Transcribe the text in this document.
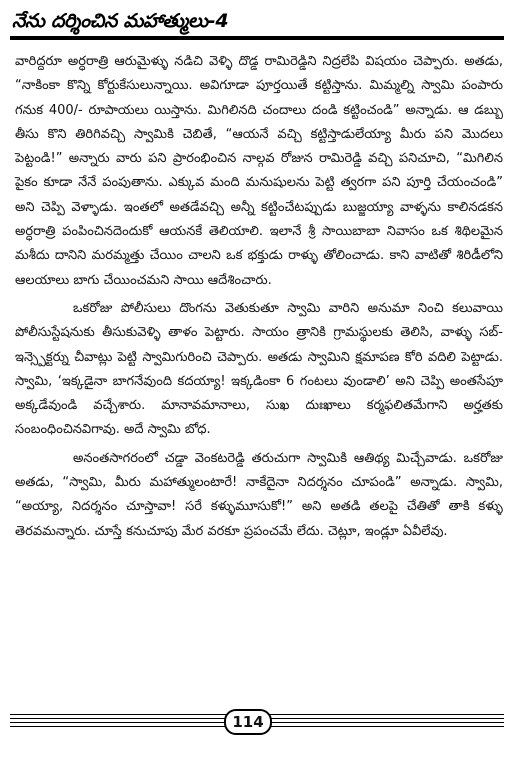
నేను దర్శించిన మహాత్ములు-4

వారిద్దరూ అర్ధరాత్రి ఆరుమైళ్ళు నడిచి వెళ్ళి దొడ్డ రామిరెడ్డిని నిద్రలేపి విషయం చెప్పారు. అతడు, “నాకింకా కొన్ని కోర్టుకేసులున్నాయి. అవిగూడా పూర్తయితే కట్టిస్తాను. మిమ్మల్ని స్వామి పంపారు గనుక 400/- రూపాయలు యిస్తాను. మిగిలినది చందాలు దండి కట్టించండి” అన్నాడు. ఆ డబ్బు తీసు కొని తిరిగివచ్చి స్వామికి చెబితే, “ఆయనే వచ్చి కట్టిస్తాడులేయ్యా మీరు పని మొదలు పెట్టండి!” అన్నారు వారు పని ప్రారంభించిన నాల్గవ రోజున రామిరెడ్డి వచ్చి పనిచూచి, “మిగిలిన పైకం కూడా నేనే పంపుతాను. ఎక్కువ మంది మనుషులను పెట్టి త్వరగా పని పూర్తి చేయంచండి” అని చెప్పి వెళ్ళాడు. ఇంతలో అతడేవచ్చి అన్నీ కట్టించేటప్పుడు బుజ్జయ్యా వాళ్ళను కాలినడకన అర్ధరాత్రి పంపించినదెందుకో ఆయనకే తెలియాలి. ఇలానే శ్రీ సాయిబాబా నివాసం ఒక శిథిలమైన మశీదు దానిని మరమ్మత్తు చేయిం చాలని ఒక భక్తుడు రాళ్ళు తోలించాడు. కాని వాటితో శిరిడీలోని ఆలయాలు బాగు చేయించమని సాయి ఆదేశించారు.

ఒకరోజు పోలీసులు దొంగను వెతుకుతూ స్వామి వారిని అనుమా నించి కలువాయి పోలీసుస్టేషనుకు తీసుకువెళ్ళి తాళం పెట్టారు. సాయం త్రానికి గ్రామస్థులకు తెలిసి, వాళ్ళు సబ్-ఇన్స్పెక్టర్ను చీవాట్లు పెట్టి స్వామిగురించి చెప్పారు. అతడు స్వామిని క్షమాపణ కోరి వదిలి పెట్టాడు. స్వామి, ‘ఇక్కడైనా బాగనేవుంది కదయ్యా! ఇక్కడింకా 6 గంటలు వుండాలి’ అని చెప్పి అంతసేపూ అక్కడేవుండి వచ్చేశారు. మానావమానాలు, సుఖ దుఃఖాలు కర్మఫలితమేగాని అర్హతకు సంబంధించినవిగావు. అదే స్వామి బోధ.

అనంతసాగరంలో చడ్డా వెంకటరెడ్డి తరుచుగా స్వామికి ఆతిథ్య మిచ్చేవాడు. ఒకరోజు అతడు, “స్వామి, మీరు మహాత్ములంటారే! నాకేదైనా నిదర్శనం చూపండి” అన్నాడు. స్వామి, “అయ్యా, నిదర్శనం చూస్తావా! సరే కళ్ళుమూసుకో!” అని అతడి తలపై చేతితో తాకి కళ్ళు తెరవమన్నారు. చూస్తే కనుచూపు మేర వరకూ ప్రపంచమే లేదు. చెట్లూ, ఇండ్లూ ఏవీలేవు.

114
